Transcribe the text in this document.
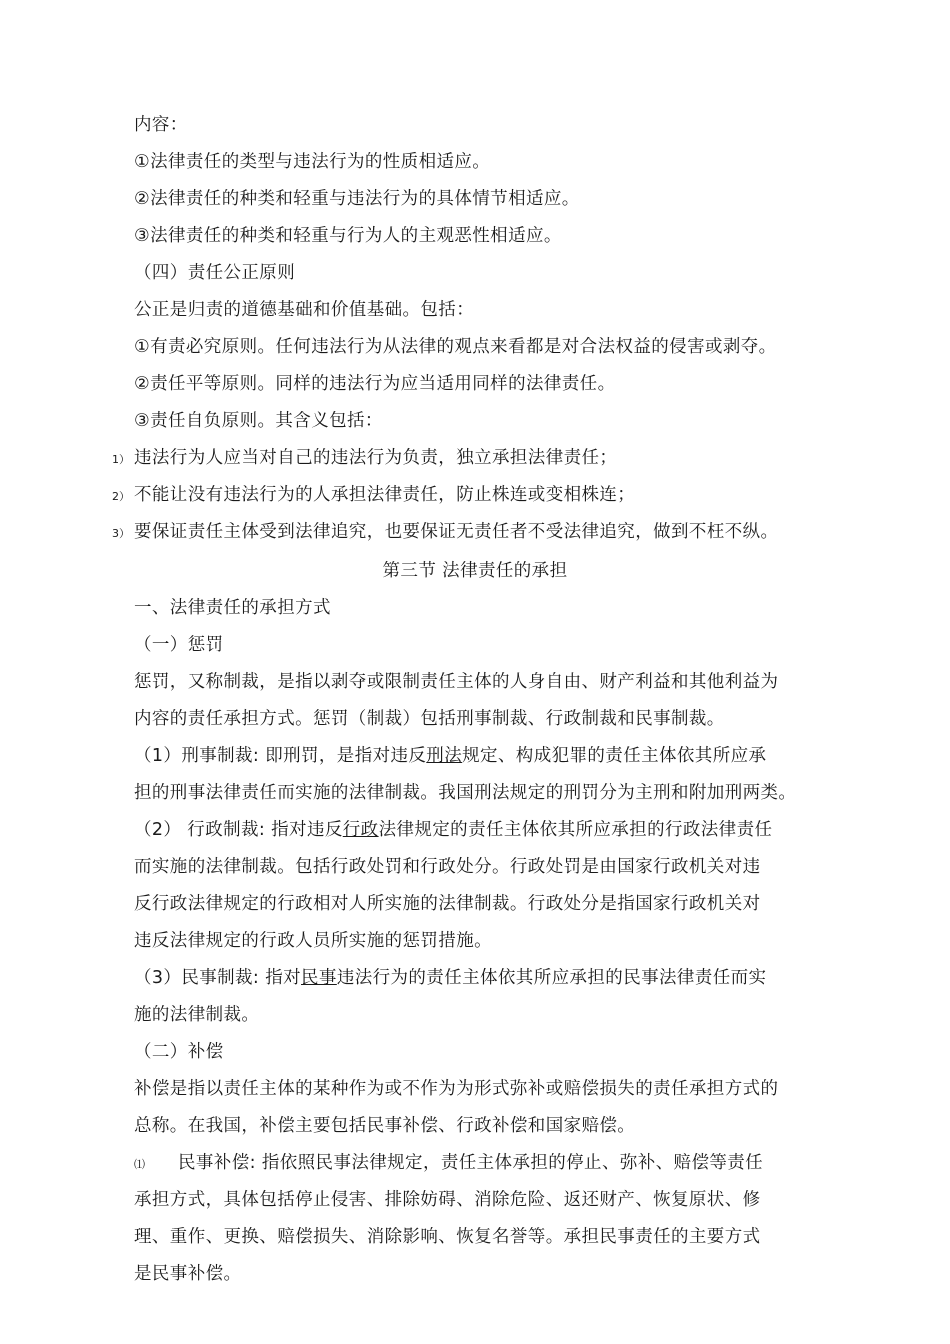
内容：
①法律责任的类型与违法行为的性质相适应。
②法律责任的种类和轻重与违法行为的具体情节相适应。
③法律责任的种类和轻重与行为人的主观恶性相适应。
（四）责任公正原则
公正是归责的道德基础和价值基础。包括：
①有责必究原则。任何违法行为从法律的观点来看都是对合法权益的侵害或剥夺。
②责任平等原则。同样的违法行为应当适用同样的法律责任。
③责任自负原则。其含义包括：
1） 违法行为人应当对自己的违法行为负责，独立承担法律责任；
2） 不能让没有违法行为的人承担法律责任，防止株连或变相株连；
3） 要保证责任主体受到法律追究，也要保证无责任者不受法律追究，做到不枉不纵。
第三节 法律责任的承担
一、法律责任的承担方式
（一）惩罚
惩罚，又称制裁，是指以剥夺或限制责任主体的人身自由、财产利益和其他利益为
内容的责任承担方式。惩罚（制裁）包括刑事制裁、行政制裁和民事制裁。
（1）刑事制裁: 即刑罚，是指对违反刑法规定、构成犯罪的责任主体依其所应承
担的刑事法律责任而实施的法律制裁。我国刑法规定的刑罚分为主刑和附加刑两类。
（2） 行政制裁: 指对违反行政法律规定的责任主体依其所应承担的行政法律责任
而实施的法律制裁。包括行政处罚和行政处分。行政处罚是由国家行政机关对违
反行政法律规定的行政相对人所实施的法律制裁。行政处分是指国家行政机关对
违反法律规定的行政人员所实施的惩罚措施。
（3）民事制裁: 指对民事违法行为的责任主体依其所应承担的民事法律责任而实
施的法律制裁。
（二）补偿
补偿是指以责任主体的某种作为或不作为为形式弥补或赔偿损失的责任承担方式的
总称。在我国，补偿主要包括民事补偿、行政补偿和国家赔偿。
⑴ 民事补偿: 指依照民事法律规定，责任主体承担的停止、弥补、赔偿等责任
承担方式，具体包括停止侵害、排除妨碍、消除危险、返还财产、恢复原状、修
理、重作、更换、赔偿损失、消除影响、恢复名誉等。承担民事责任的主要方式
是民事补偿。
